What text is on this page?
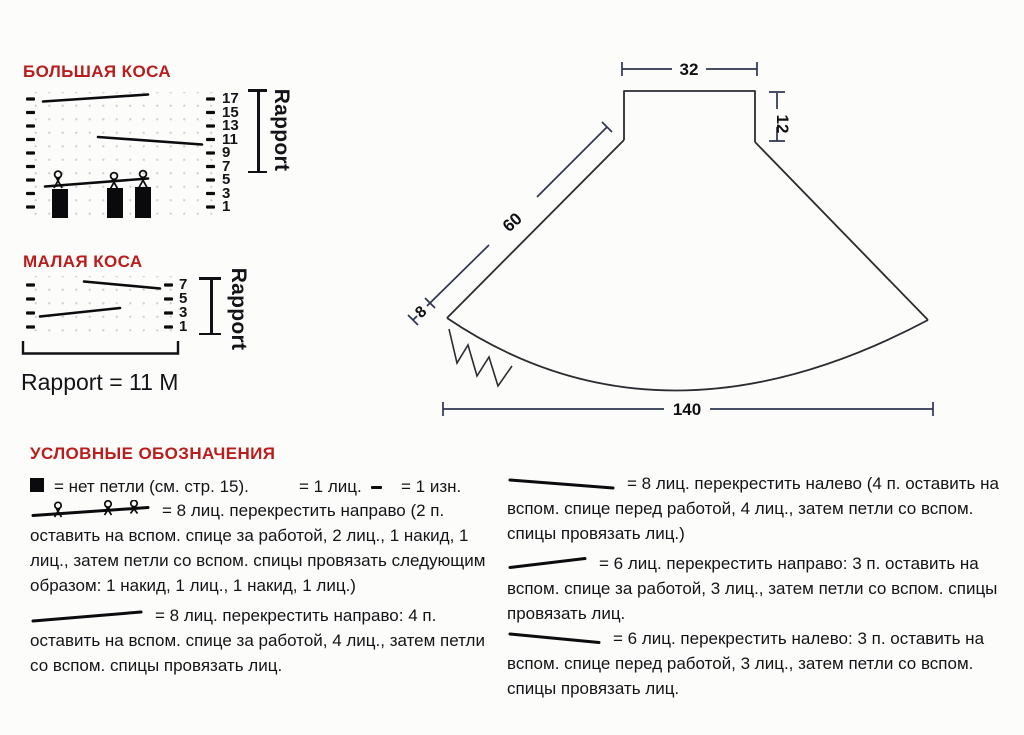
БОЛЬШАЯ КОСА
17
15
13
11
9
7
5
3
1
Rapport
МАЛАЯ КОСА
7
5
3
1	Rapport
Rapport = 11 M
32
12
60
8
140
УСЛОВНЫЕ ОБОЗНАЧЕНИЯ
= нет петли (см. стр. 15).	= 1 лиц. = 1 изн.

= 8 лиц. перекрестить направо (2 п. оставить на вспом. спице за работой, 2 лиц., 1 накид, 1 лиц., затем петли со вспом. спицы провязать следующим образом: 1 накид, 1 лиц., 1 накид, 1 лиц.)

= 8 лиц. перекрестить направо: 4 п. оставить на вспом. спице за работой, 4 лиц., затем петли со вспом. спицы провязать лиц.

= 8 лиц. перекрестить налево (4 п. оставить на вспом. спице перед работой, 4 лиц., затем петли со вспом. спицы провязать лиц.)

= 6 лиц. перекрестить направо: 3 п. оставить на вспом. спице за работой, 3 лиц., затем петли со вспом. спицы провязать лиц.

= 6 лиц. перекрестить налево: 3 п. оставить на вспом. спице перед работой, 3 лиц., затем петли со вспом. спицы провязать лиц.
